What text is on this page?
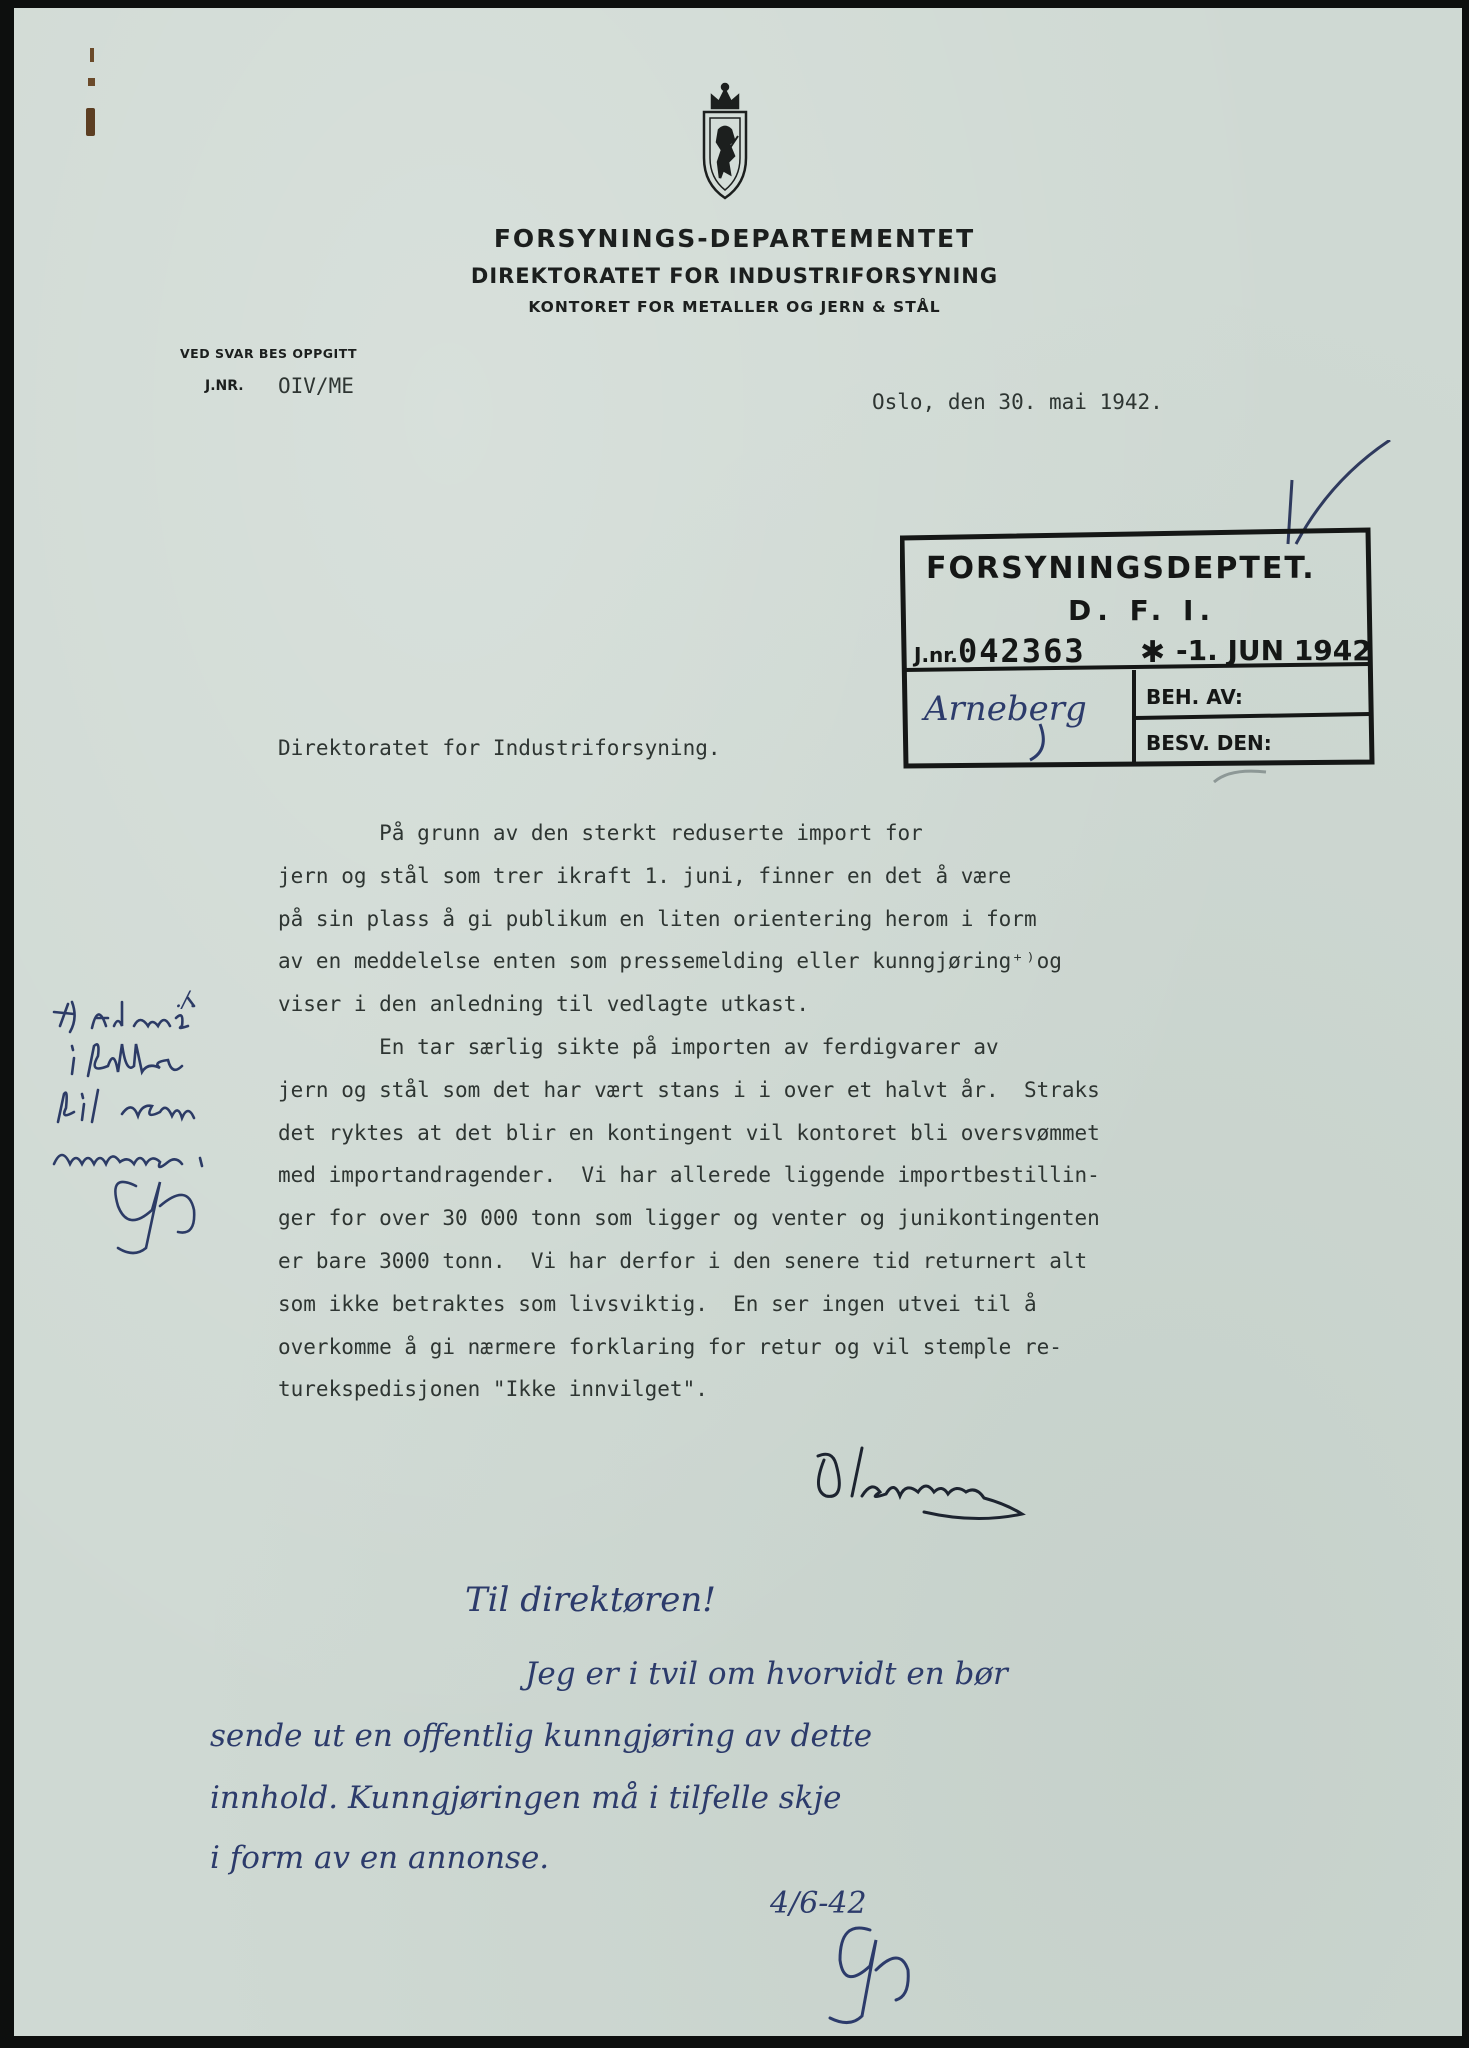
FORSYNINGS-DEPARTEMENTET
DIREKTORATET FOR INDUSTRIFORSYNING
KONTORET FOR METALLER OG JERN & STÅL
VED SVAR BES OPPGITT
J.NR. OIV/ME
Oslo, den 30. mai 1942.
FORSYNINGSDEPTET.
D. F. I.
J.nr. 042363 ✱ -1. JUN 1942
Arneberg	BEH. AV:
BESV. DEN:
Direktoratet for Industriforsyning.
På grunn av den sterkt reduserte import for
jern og stål som trer ikraft 1. juni, finner en det å være
på sin plass å gi publikum en liten orientering herom i form
av en meddelelse enten som pressemelding eller kunngjøring⁺⁾og
viser i den anledning til vedlagte utkast.
En tar særlig sikte på importen av ferdigvarer av
jern og stål som det har vært stans i i over et halvt år.  Straks
det ryktes at det blir en kontingent vil kontoret bli oversvømmet
med importandragender.  Vi har allerede liggende importbestillin-
ger for over 30 000 tonn som ligger og venter og junikontingenten
er bare 3000 tonn.  Vi har derfor i den senere tid returnert alt
som ikke betraktes som livsviktig.  En ser ingen utvei til å
overkomme å gi nærmere forklaring for retur og vil stemple re-
turekspedisjonen "Ikke innvilget".
./.
Til direktøren!
Jeg er i tvil om hvorvidt en bør
sende ut en offentlig kunngjøring av dette
innhold. Kunngjøringen må i tilfelle skje
i form av en annonse.
4/6-42
